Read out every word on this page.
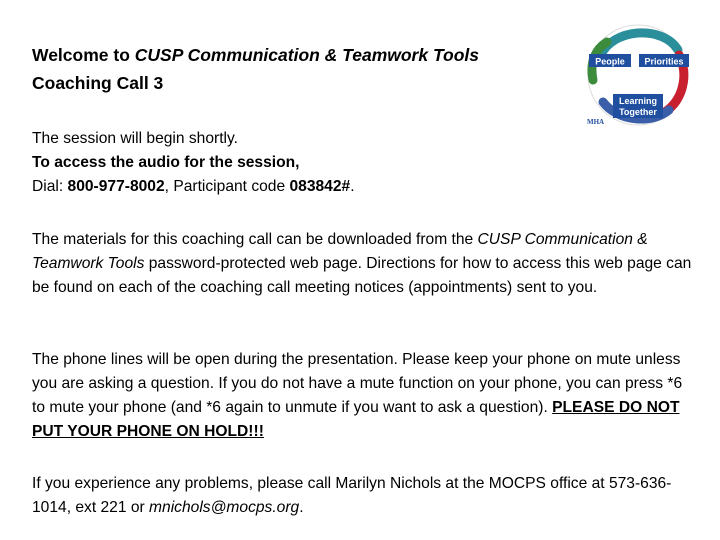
Welcome to CUSP Communication & Teamwork Tools
Coaching Call 3
People Priorities
Learning
Together
MHA
The session will begin shortly.
To access the audio for the session,
Dial: 800-977-8002, Participant code 083842#.
The materials for this coaching call can be downloaded from the CUSP Communication & Teamwork Tools password-protected web page. Directions for how to access this web page can be found on each of the coaching call meeting notices (appointments) sent to you.
The phone lines will be open during the presentation. Please keep your phone on mute unless you are asking a question. If you do not have a mute function on your phone, you can press *6 to mute your phone (and *6 again to unmute if you want to ask a question). PLEASE DO NOT PUT YOUR PHONE ON HOLD!!!
If you experience any problems, please call Marilyn Nichols at the MOCPS office at 573-636-1014, ext 221 or mnichols@mocps.org.
